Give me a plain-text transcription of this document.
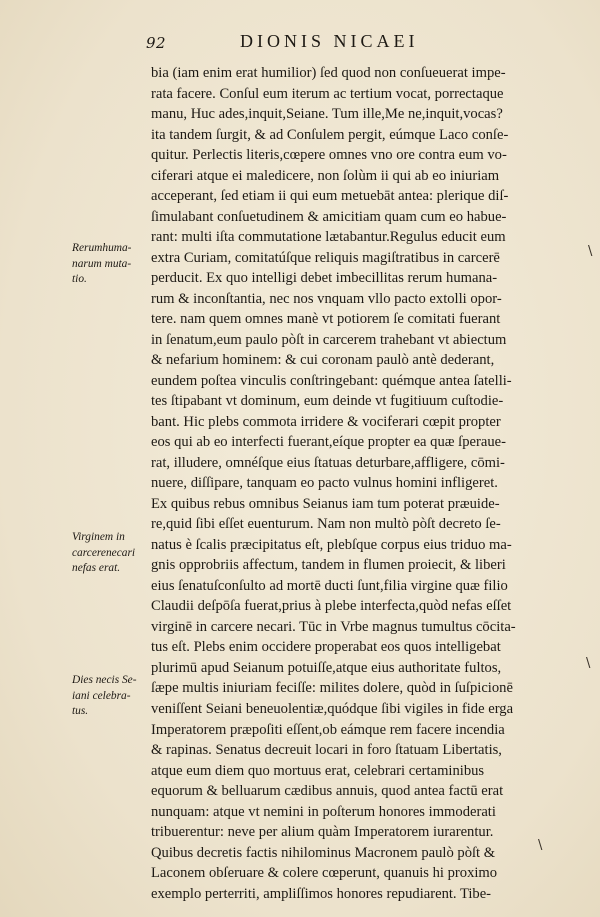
92	DIONIS NICAEI
bia (iam enim erat humilior) ſed quod non conſueuerat impe-
rata facere. Conſul eum iterum ac tertium vocat, porrectaque
manu, Huc ades,inquit,Seiane. Tum ille,Me ne,inquit,vocas?
ita tandem ſurgit, & ad Conſulem pergit, eúmque Laco conſe-
quitur. Perlectis literis,cœpere omnes vno ore contra eum vo-
ciferari atque ei maledicere, non ſolùm ii qui ab eo iniuriam
acceperant, ſed etiam ii qui eum metuebāt antea: plerique diſ-
ſimulabant conſuetudinem & amicitiam quam cum eo habue-
rant: multi iſta commutatione lætabantur.Regulus educit eum
extra Curiam, comitatúſque reliquis magiſtratibus in carcerē
perducit. Ex quo intelligi debet imbecillitas rerum humana-
rum & inconſtantia, nec nos vnquam vllo pacto extolli opor-
tere. nam quem omnes manè vt potiorem ſe comitati fuerant
in ſenatum,eum paulo pòſt in carcerem trahebant vt abiectum
& nefarium hominem: & cui coronam paulò antè dederant,
eundem poſtea vinculis conſtringebant: quémque antea ſatelli-
tes ſtipabant vt dominum, eum deinde vt fugitiuum cuſtodie-
bant. Hic plebs commota irridere & vociferari cœpit propter
eos qui ab eo interfecti fuerant,eíque propter ea quæ ſperaue-
rat, illudere, omnéſque eius ſtatuas deturbare,affligere, cōmi-
nuere, diſſipare, tanquam eo pacto vulnus homini infligeret.
Ex quibus rebus omnibus Seianus iam tum poterat præuide-
re,quid ſibi eſſet euenturum. Nam non multò pòſt decreto ſe-
natus è ſcalis præcipitatus eſt, plebſque corpus eius triduo ma-
gnis opprobriis affectum, tandem in flumen proiecit, & liberi
eius ſenatuſconſulto ad mortē ducti ſunt,filia virgine quæ filio
Claudii deſpōſa fuerat,prius à plebe interfecta,quòd nefas eſſet
virginē in carcere necari. Tūc in Vrbe magnus tumultus cōcita-
tus eſt. Plebs enim occidere properabat eos quos intelligebat
plurimū apud Seianum potuiſſe,atque eius authoritate fultos,
ſæpe multis iniuriam feciſſe: milites dolere, quòd in ſuſpicionē
veniſſent Seiani beneuolentiæ,quódque ſibi vigiles in fide erga
Imperatorem præpoſiti eſſent,ob eámque rem facere incendia
& rapinas. Senatus decreuit locari in foro ſtatuam Libertatis,
atque eum diem quo mortuus erat, celebrari certaminibus
equorum & belluarum cædibus annuis, quod antea factū erat
nunquam: atque vt nemini in poſterum honores immoderati
tribuerentur: neve per alium quàm Imperatorem iurarentur.
Quibus decretis factis nihilominus Macronem paulò pòſt &
Laconem obſeruare & colere cœperunt, quanuis hi proximo
exemplo perterriti, ampliſſimos honores repudiarent. Tibe-
Rerumhuma-
narum muta-
tio.
Virginem in
carcerenecari
nefas erat.
Dies necis Se-
iani celebra-
tus.
\
\
\
